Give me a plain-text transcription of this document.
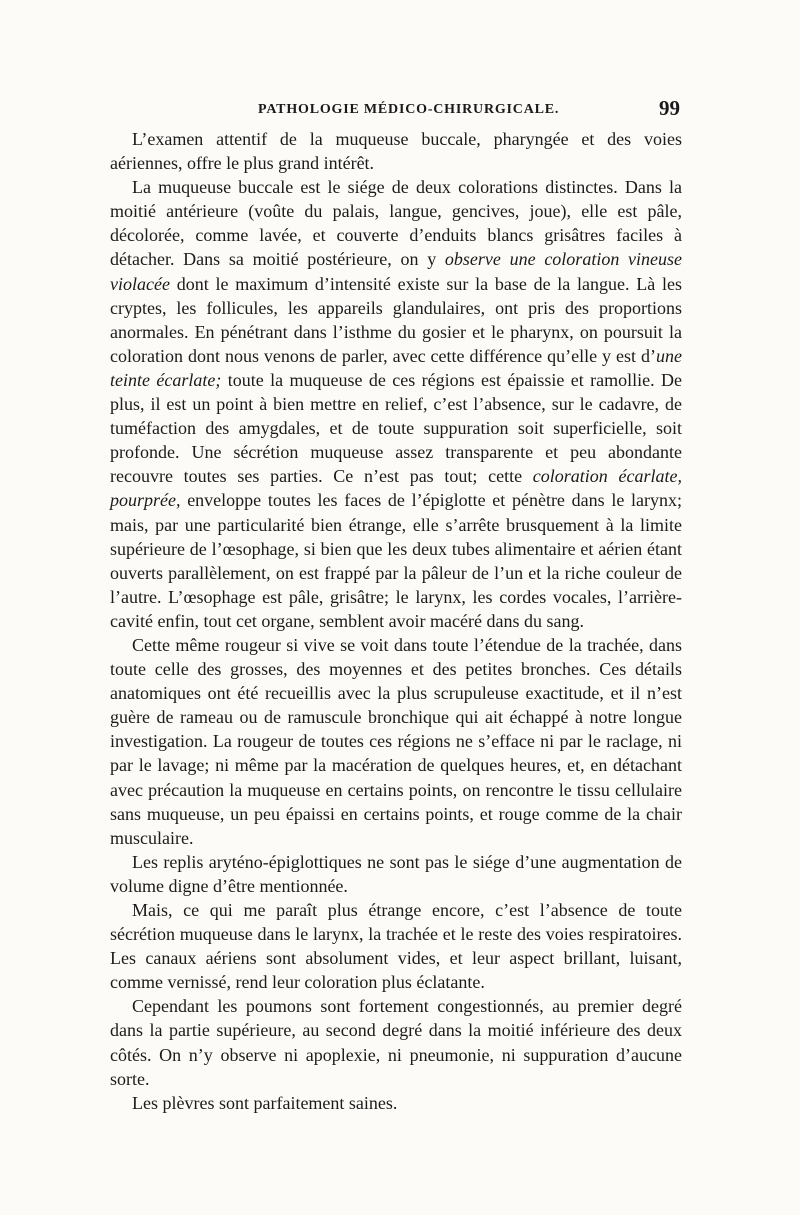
PATHOLOGIE MÉDICO-CHIRURGICALE.	99

L’examen attentif de la muqueuse buccale, pharyngée et des voies aériennes, offre le plus grand intérêt.

La muqueuse buccale est le siége de deux colorations distinctes. Dans la moitié antérieure (voûte du palais, langue, gencives, joue), elle est pâle, décolorée, comme lavée, et couverte d’enduits blancs grisâtres faciles à détacher. Dans sa moitié postérieure, on y observe une coloration vineuse violacée dont le maximum d’intensité existe sur la base de la langue. Là les cryptes, les follicules, les appareils glandulaires, ont pris des proportions anormales. En pénétrant dans l’isthme du gosier et le pharynx, on poursuit la coloration dont nous venons de parler, avec cette différence qu’elle y est d’une teinte écarlate; toute la muqueuse de ces régions est épaissie et ramollie. De plus, il est un point à bien mettre en relief, c’est l’absence, sur le cadavre, de tuméfaction des amygdales, et de toute suppuration soit superficielle, soit profonde. Une sécrétion muqueuse assez transparente et peu abondante recouvre toutes ses parties. Ce n’est pas tout; cette coloration écarlate, pourprée, enveloppe toutes les faces de l’épiglotte et pénètre dans le larynx; mais, par une particularité bien étrange, elle s’arrête brusquement à la limite supérieure de l’œsophage, si bien que les deux tubes alimentaire et aérien étant ouverts parallèlement, on est frappé par la pâleur de l’un et la riche couleur de l’autre. L’œsophage est pâle, grisâtre; le larynx, les cordes vocales, l’arrière-cavité enfin, tout cet organe, semblent avoir macéré dans du sang.

Cette même rougeur si vive se voit dans toute l’étendue de la trachée, dans toute celle des grosses, des moyennes et des petites bronches. Ces détails anatomiques ont été recueillis avec la plus scrupuleuse exactitude, et il n’est guère de rameau ou de ramuscule bronchique qui ait échappé à notre longue investigation. La rougeur de toutes ces régions ne s’efface ni par le raclage, ni par le lavage; ni même par la macération de quelques heures, et, en détachant avec précaution la muqueuse en certains points, on rencontre le tissu cellulaire sans muqueuse, un peu épaissi en certains points, et rouge comme de la chair musculaire.

Les replis aryténo-épiglottiques ne sont pas le siége d’une augmentation de volume digne d’être mentionnée.

Mais, ce qui me paraît plus étrange encore, c’est l’absence de toute sécrétion muqueuse dans le larynx, la trachée et le reste des voies respiratoires. Les canaux aériens sont absolument vides, et leur aspect brillant, luisant, comme vernissé, rend leur coloration plus éclatante.

Cependant les poumons sont fortement congestionnés, au premier degré dans la partie supérieure, au second degré dans la moitié inférieure des deux côtés. On n’y observe ni apoplexie, ni pneumonie, ni suppuration d’aucune sorte.

Les plèvres sont parfaitement saines.
